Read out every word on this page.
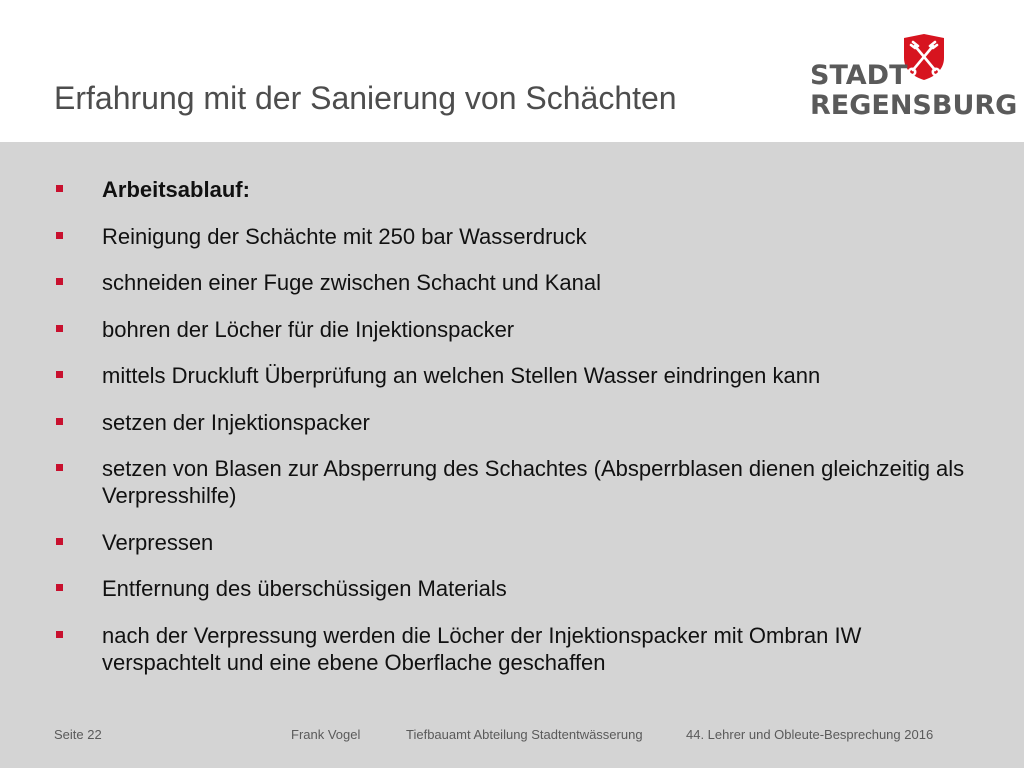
Erfahrung mit der Sanierung von Schächten
STADT
REGENSBURG
Arbeitsablauf:
Reinigung der Schächte mit 250 bar Wasserdruck
schneiden einer Fuge zwischen Schacht und Kanal
bohren der Löcher für die Injektionspacker
mittels Druckluft Überprüfung an welchen Stellen Wasser eindringen kann
setzen der Injektionspacker
setzen von Blasen zur Absperrung des Schachtes (Absperrblasen dienen gleichzeitig als Verpresshilfe)
Verpressen
Entfernung des überschüssigen Materials
nach der Verpressung werden die Löcher der Injektionspacker mit Ombran IW verspachtelt und eine ebene Oberflache geschaffen
Seite 22	Frank Vogel	Tiefbauamt Abteilung Stadtentwässerung	44. Lehrer und Obleute-Besprechung 2016
